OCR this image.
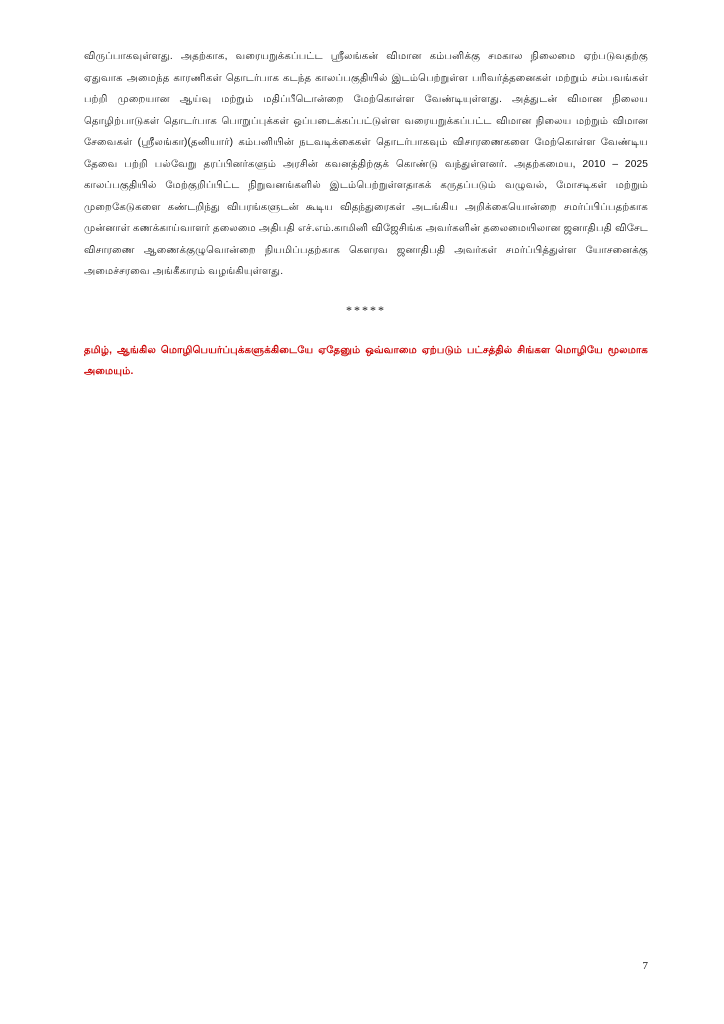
விருப்பாகவுள்ளது. அதற்காக, வரையறுக்கப்பட்ட ஸ்ரீலங்கன் விமான கம்பனிக்கு சமகால நிலைமை ஏற்படுவதற்கு ஏதுவாக அமைந்த காரணிகள் தொடர்பாக கடந்த காலப்பகுதியில் இடம்பெற்றுள்ள பரிவர்த்தனைகள் மற்றும் சம்பவங்கள் பற்றி முறையான ஆய்வு மற்றும் மதிப்பீடொன்றை மேற்கொள்ள வேண்டியுள்ளது. அத்துடன் விமான நிலைய தொழிற்பாடுகள் தொடர்பாக பொறுப்புக்கள் ஒப்படைக்கப்பட்டுள்ள வரையறுக்கப்பட்ட விமான நிலைய மற்றும் விமான சேவைகள் (ஸ்ரீலங்கா)(தனியார்) கம்பனியின் நடவடிக்கைகள் தொடர்பாகவும் விசாரணைகளை மேற்கொள்ள வேண்டிய தேவை பற்றி பல்வேறு தரப்பினர்களும் அரசின் கவனத்திற்குக் கொண்டு வந்துள்ளனர். அதற்கமைய, 2010 – 2025 காலப்பகுதியில் மேற்குறிப்பிட்ட நிறுவனங்களில் இடம்பெற்றுள்ளதாகக் கருதப்படும் வழுவல், மோசடிகள் மற்றும் முறைகேடுகளை கண்டறிந்து விபரங்களுடன் கூடிய விதந்துரைகள் அடங்கிய அறிக்கையொன்றை சமர்ப்பிப்பதற்காக முன்னாள் கணக்காய்வாளர் தலைமை அதிபதி எச்.எம்.காமினி விஜேசிங்க அவர்களின் தலைமையிலான ஜனாதிபதி விசேட விசாரணை ஆணைக்குழுவொன்றை நியமிப்பதற்காக கௌரவ ஜனாதிபதி அவர்கள் சமர்ப்பித்துள்ள யோசனைக்கு அமைச்சரவை அங்கீகாரம் வழங்கியுள்ளது.

*****

தமிழ், ஆங்கில மொழிபெயர்ப்புக்களுக்கிடையே ஏதேனும் ஒவ்வாமை ஏற்படும் பட்சத்தில் சிங்கள மொழியே மூலமாக அமையும்.

7
